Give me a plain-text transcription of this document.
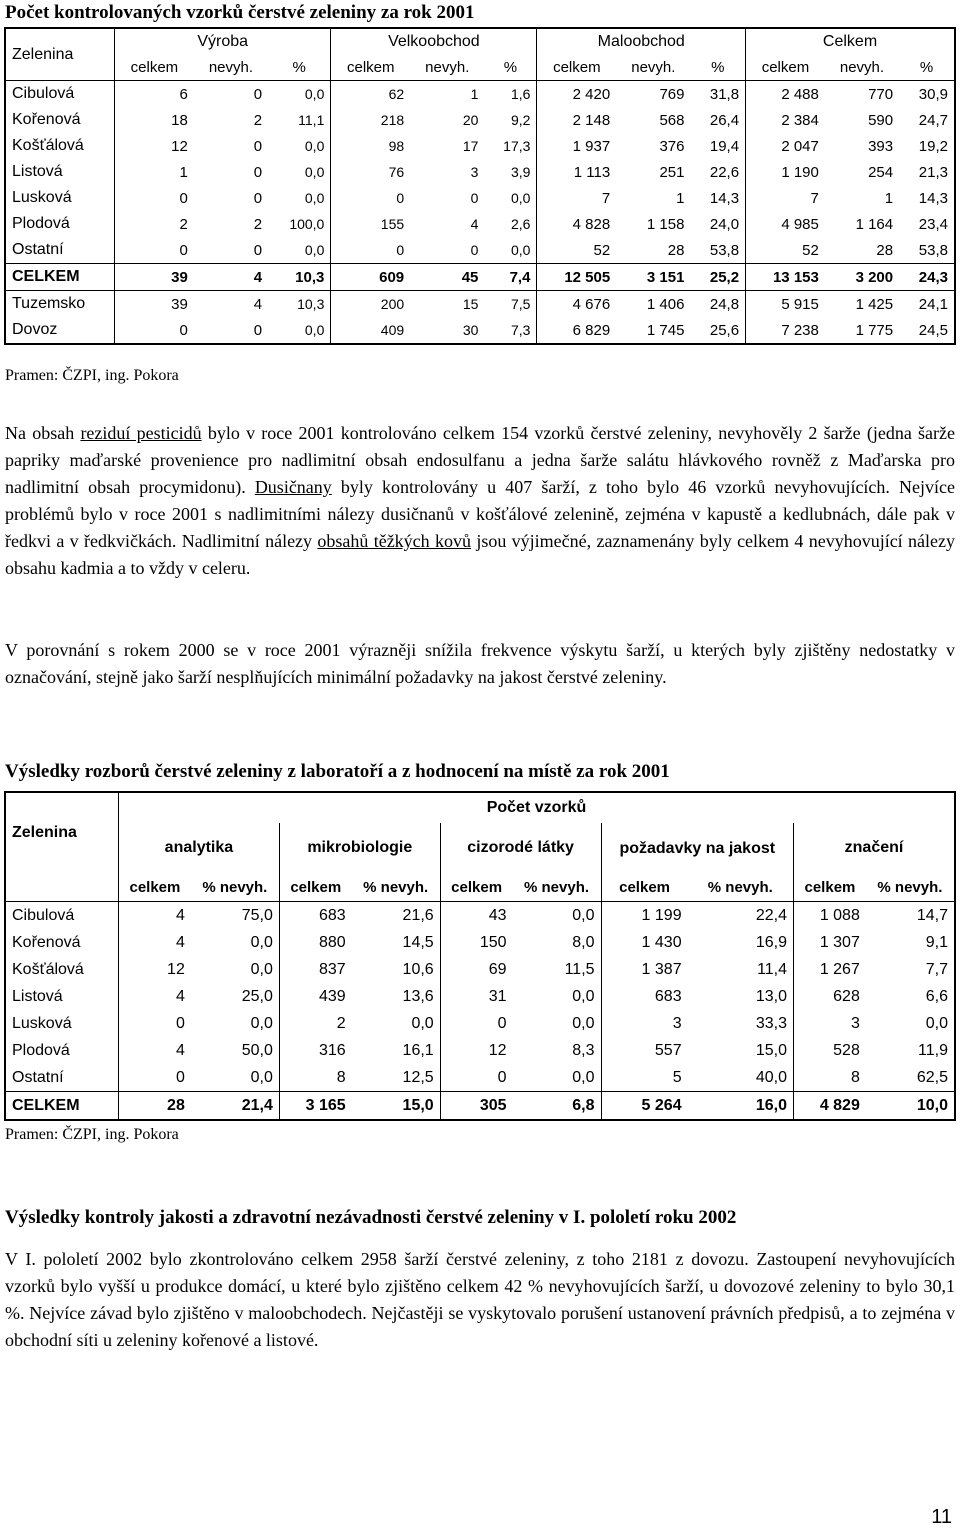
Počet kontrolovaných vzorků čerstvé zeleniny za rok 2001
Zelenina	Výroba			Velkoobchod			Maloobchod			Celkem		
	celkem	nevyh.	%	celkem	nevyh.	%	celkem	nevyh.	%	celkem	nevyh.	%
Cibulová	6	0	0,0	62	1	1,6	2 420	769	31,8	2 488	770	30,9
Kořenová	18	2	11,1	218	20	9,2	2 148	568	26,4	2 384	590	24,7
Košťálová	12	0	0,0	98	17	17,3	1 937	376	19,4	2 047	393	19,2
Listová	1	0	0,0	76	3	3,9	1 113	251	22,6	1 190	254	21,3
Lusková	0	0	0,0	0	0	0,0	7	1	14,3	7	1	14,3
Plodová	2	2	100,0	155	4	2,6	4 828	1 158	24,0	4 985	1 164	23,4
Ostatní	0	0	0,0	0	0	0,0	52	28	53,8	52	28	53,8
CELKEM	39	4	10,3	609	45	7,4	12 505	3 151	25,2	13 153	3 200	24,3
Tuzemsko	39	4	10,3	200	15	7,5	4 676	1 406	24,8	5 915	1 425	24,1
Dovoz	0	0	0,0	409	30	7,3	6 829	1 745	25,6	7 238	1 775	24,5
Pramen: ČZPI, ing. Pokora
Na obsah reziduí pesticidů bylo v roce 2001 kontrolováno celkem 154 vzorků čerstvé zeleniny, nevyhověly 2 šarže (jedna šarže papriky maďarské provenience pro nadlimitní obsah endosulfanu a jedna šarže salátu hlávkového rovněž z Maďarska pro nadlimitní obsah procymidonu). Dusičnany byly kontrolovány u 407 šarží, z toho bylo 46 vzorků nevyhovujících. Nejvíce problémů bylo v roce 2001 s nadlimitními nálezy dusičnanů v košťálové zelenině, zejména v kapustě a kedlubnách, dále pak v ředkvi a v ředkvičkách. Nadlimitní nálezy obsahů těžkých kovů jsou výjimečné, zaznamenány byly celkem 4 nevyhovující nálezy obsahu kadmia a to vždy v celeru.
V porovnání s rokem 2000 se v roce 2001 výrazněji snížila frekvence výskytu šarží, u kterých byly zjištěny nedostatky v označování, stejně jako šarží nesplňujících minimální požadavky na jakost čerstvé zeleniny.
Výsledky rozborů čerstvé zeleniny z laboratoří a z hodnocení na místě za rok 2001
Zelenina	Počet vzorků									
	analytika		mikrobiologie		cizorodé látky		požadavky na jakost		značení	
	celkem	% nevyh.	celkem	% nevyh.	celkem	% nevyh.	celkem	% nevyh.	celkem	% nevyh.
Cibulová	4	75,0	683	21,6	43	0,0	1 199	22,4	1 088	14,7
Kořenová	4	0,0	880	14,5	150	8,0	1 430	16,9	1 307	9,1
Košťálová	12	0,0	837	10,6	69	11,5	1 387	11,4	1 267	7,7
Listová	4	25,0	439	13,6	31	0,0	683	13,0	628	6,6
Lusková	0	0,0	2	0,0	0	0,0	3	33,3	3	0,0
Plodová	4	50,0	316	16,1	12	8,3	557	15,0	528	11,9
Ostatní	0	0,0	8	12,5	0	0,0	5	40,0	8	62,5
CELKEM	28	21,4	3 165	15,0	305	6,8	5 264	16,0	4 829	10,0
Pramen: ČZPI, ing. Pokora
Výsledky kontroly jakosti a zdravotní nezávadnosti čerstvé zeleniny v I. pololetí roku 2002
V I. pololetí 2002 bylo zkontrolováno celkem 2958 šarží čerstvé zeleniny, z toho 2181 z dovozu. Zastoupení nevyhovujících vzorků bylo vyšší u produkce domácí, u které bylo zjištěno celkem 42 % nevyhovujících šarží, u dovozové zeleniny to bylo 30,1 %. Nejvíce závad bylo zjištěno v maloobchodech. Nejčastěji se vyskytovalo porušení ustanovení právních předpisů, a to zejména v obchodní síti u zeleniny kořenové a listové.
11
